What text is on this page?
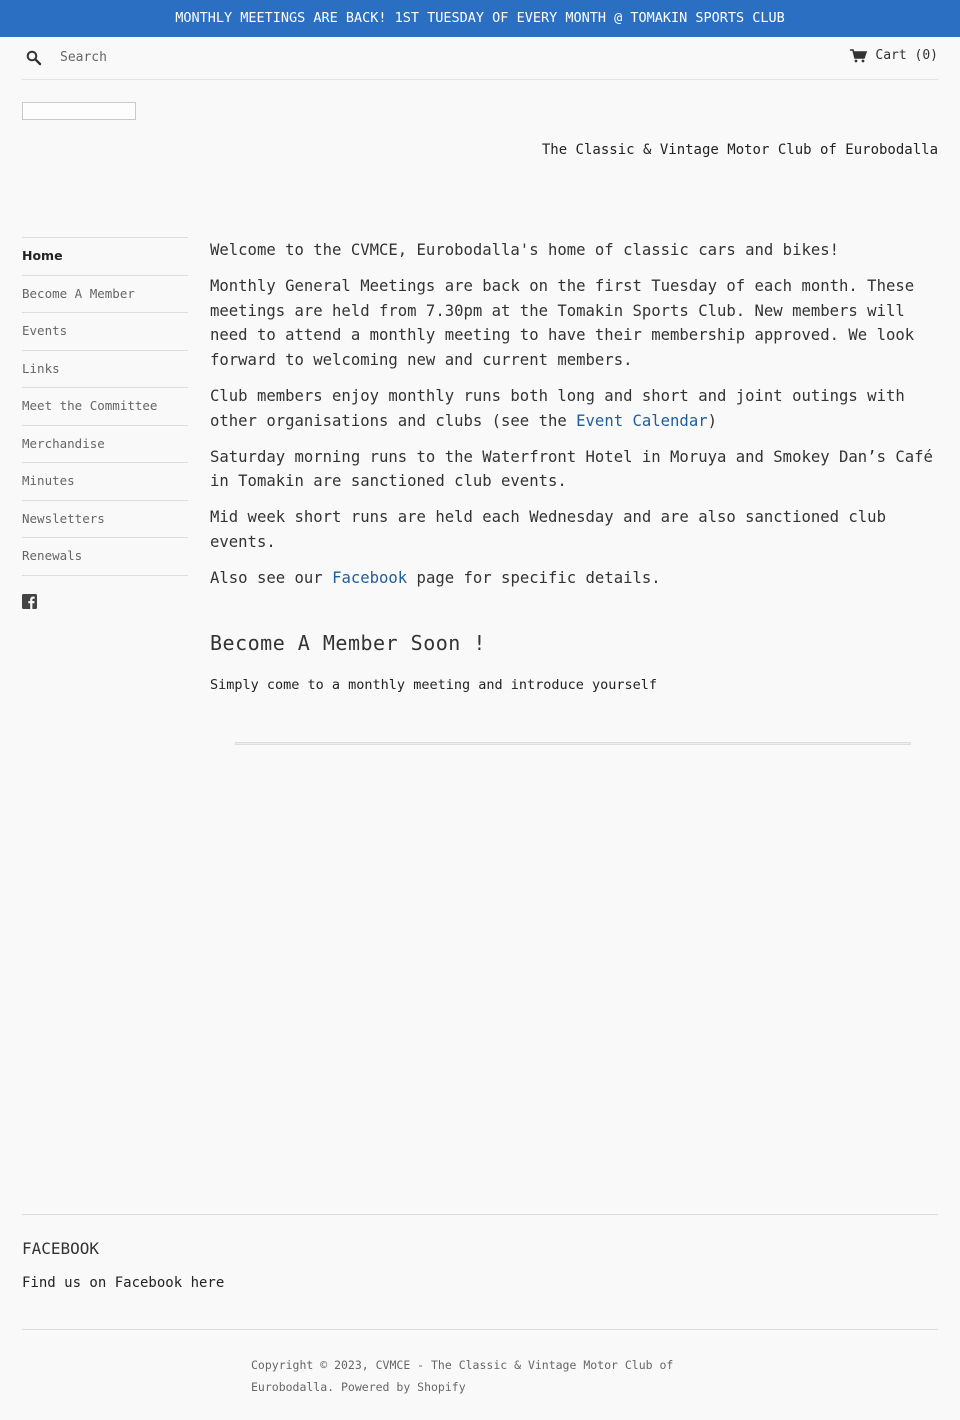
MONTHLY MEETINGS ARE BACK! 1ST TUESDAY OF EVERY MONTH @ TOMAKIN SPORTS CLUB
Search
Cart (0)
The Classic & Vintage Motor Club of Eurobodalla
Home
Become A Member
Events
Links
Meet the Committee
Merchandise
Minutes
Newsletters
Renewals

Welcome to the CVMCE, Eurobodalla's home of classic cars and bikes!

Monthly General Meetings are back on the first Tuesday of each month. These meetings are held from 7.30pm at the Tomakin Sports Club. New members will need to attend a monthly meeting to have their membership approved. We look forward to welcoming new and current members.

Club members enjoy monthly runs both long and short and joint outings with other organisations and clubs (see the Event Calendar)

Saturday morning runs to the Waterfront Hotel in Moruya and Smokey Dan’s Café in Tomakin are sanctioned club events.

Mid week short runs are held each Wednesday and are also sanctioned club events.

Also see our Facebook page for specific details.

Become A Member Soon !
Simply come to a monthly meeting and introduce yourself
FACEBOOK
Find us on Facebook here
Copyright © 2023, CVMCE - The Classic & Vintage Motor Club of Eurobodalla. Powered by Shopify
